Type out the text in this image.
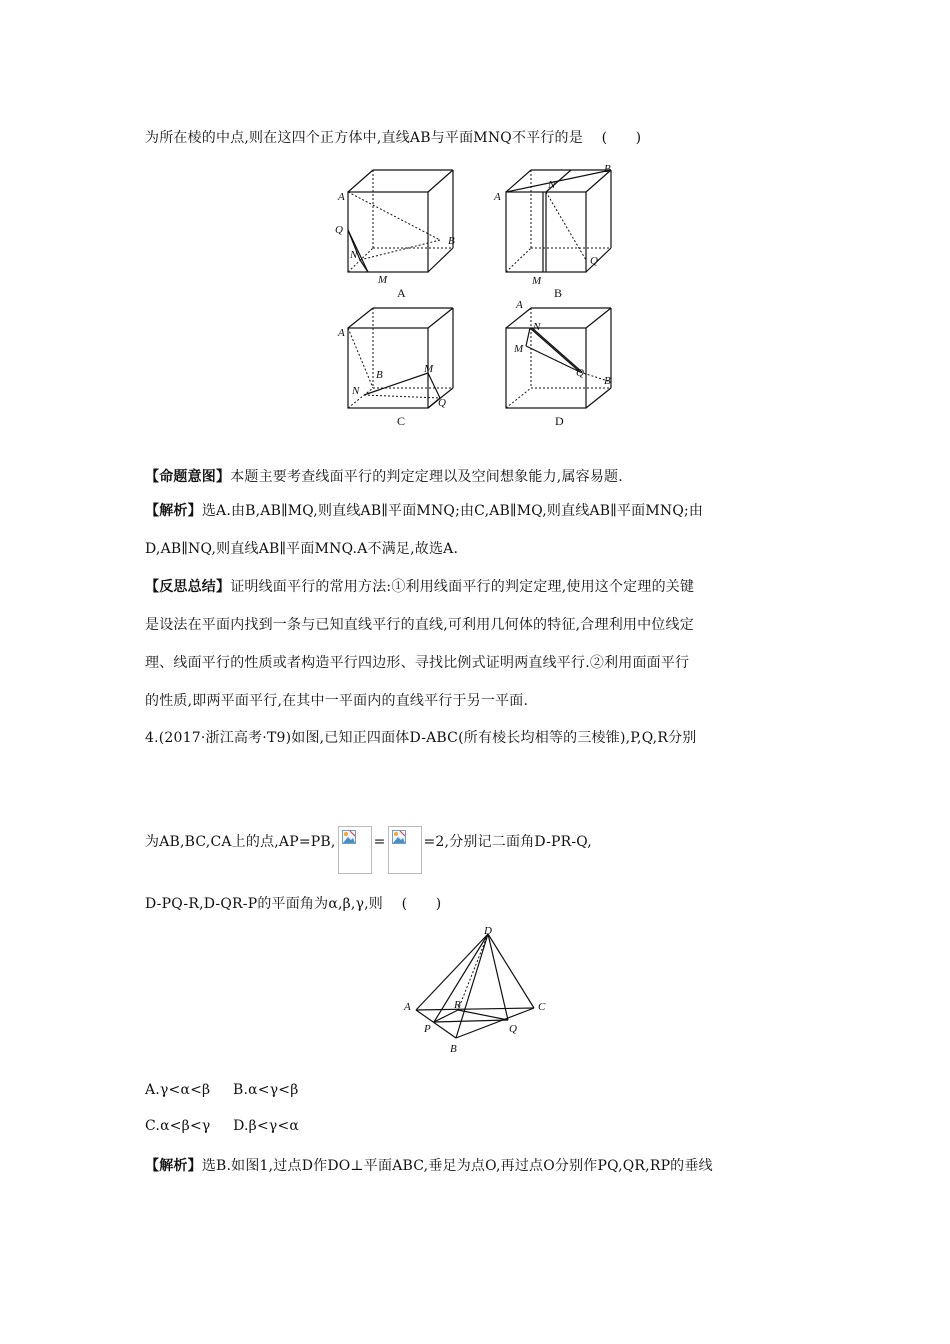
为所在棱的中点,则在这四个正方体中,直线AB与平面MNQ不平行的是 (　　)
A
Q
N
M
B
A
A
N
B
M
Q
B
A
B	M
N
Q
C
A
N
M
Q
B
D
【命题意图】本题主要考查线面平行的判定定理以及空间想象能力,属容易题.
【解析】选A.由B,AB∥MQ,则直线AB∥平面MNQ;由C,AB∥MQ,则直线AB∥平面MNQ;由
D,AB∥NQ,则直线AB∥平面MNQ.A不满足,故选A.
【反思总结】证明线面平行的常用方法:①利用线面平行的判定定理,使用这个定理的关键
是设法在平面内找到一条与已知直线平行的直线,可利用几何体的特征,合理利用中位线定
理、线面平行的性质或者构造平行四边形、寻找比例式证明两直线平行.②利用面面平行
的性质,即两平面平行,在其中一平面内的直线平行于另一平面.
4.(2017·浙江高考·T9)如图,已知正四面体D-ABC(所有棱长均相等的三棱锥),P,Q,R分别
为AB,BC,CA上的点,AP=PB,	=	=2,分别记二面角D-PR-Q,
D-PQ-R,D-QR-P的平面角为α,β,γ,则 (　　)
D
A	C
R
P	Q
B
A.γ<α<β B.α<γ<β
C.α<β<γ D.β<γ<α
【解析】选B.如图1,过点D作DO⊥平面ABC,垂足为点O,再过点O分别作PQ,QR,RP的垂线
